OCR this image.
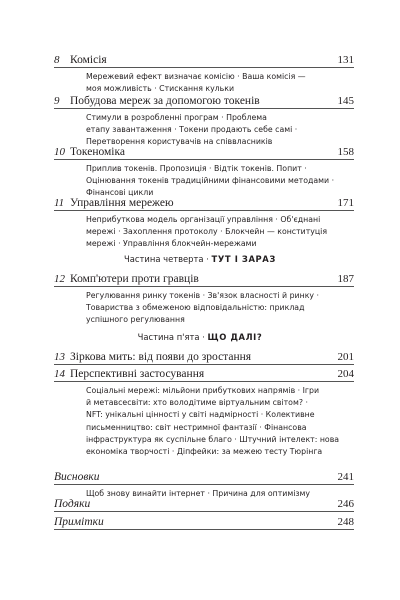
8 Комісія	131
Мережевий ефект визначає комісію · Ваша комісія —
моя можливість · Стискання кульки
9 Побудова мереж за допомогою токенів	145
Стимули в розробленні програм · Проблема
етапу завантаження · Токени продають себе самі ·
Перетворення користувачів на співвласників
10 Токеноміка	158
Приплив токенів. Пропозиція · Відтік токенів. Попит ·
Оцінювання токенів традиційними фінансовими методами ·
Фінансові цикли
11 Управління мережею	171
Неприбуткова модель організації управління · Об'єднані
мережі · Захоплення протоколу · Блокчейн — конституція
мережі · Управління блокчейн-мережами
Частина четверта · ТУТ І ЗАРАЗ
12 Комп'ютери проти гравців	187
Регулювання ринку токенів · Зв'язок власності й ринку ·
Товариства з обмеженою відповідальністю: приклад
успішного регулювання
Частина п'ята · ЩО ДАЛІ?
13 Зіркова мить: від появи до зростання	201
14 Перспективні застосування	204
Соціальні мережі: мільйони прибуткових напрямів · Ігри
й метавсесвіти: хто володітиме віртуальним світом? ·
NFT: унікальні цінності у світі надмірності · Колективне
письменництво: світ нестримної фантазії · Фінансова
інфраструктура як суспільне благо · Штучний інтелект: нова
економіка творчості · Діпфейки: за межею тесту Тюрінга
Висновки	241
Щоб знову винайти інтернет · Причина для оптимізму
Подяки	246
Примітки	248
